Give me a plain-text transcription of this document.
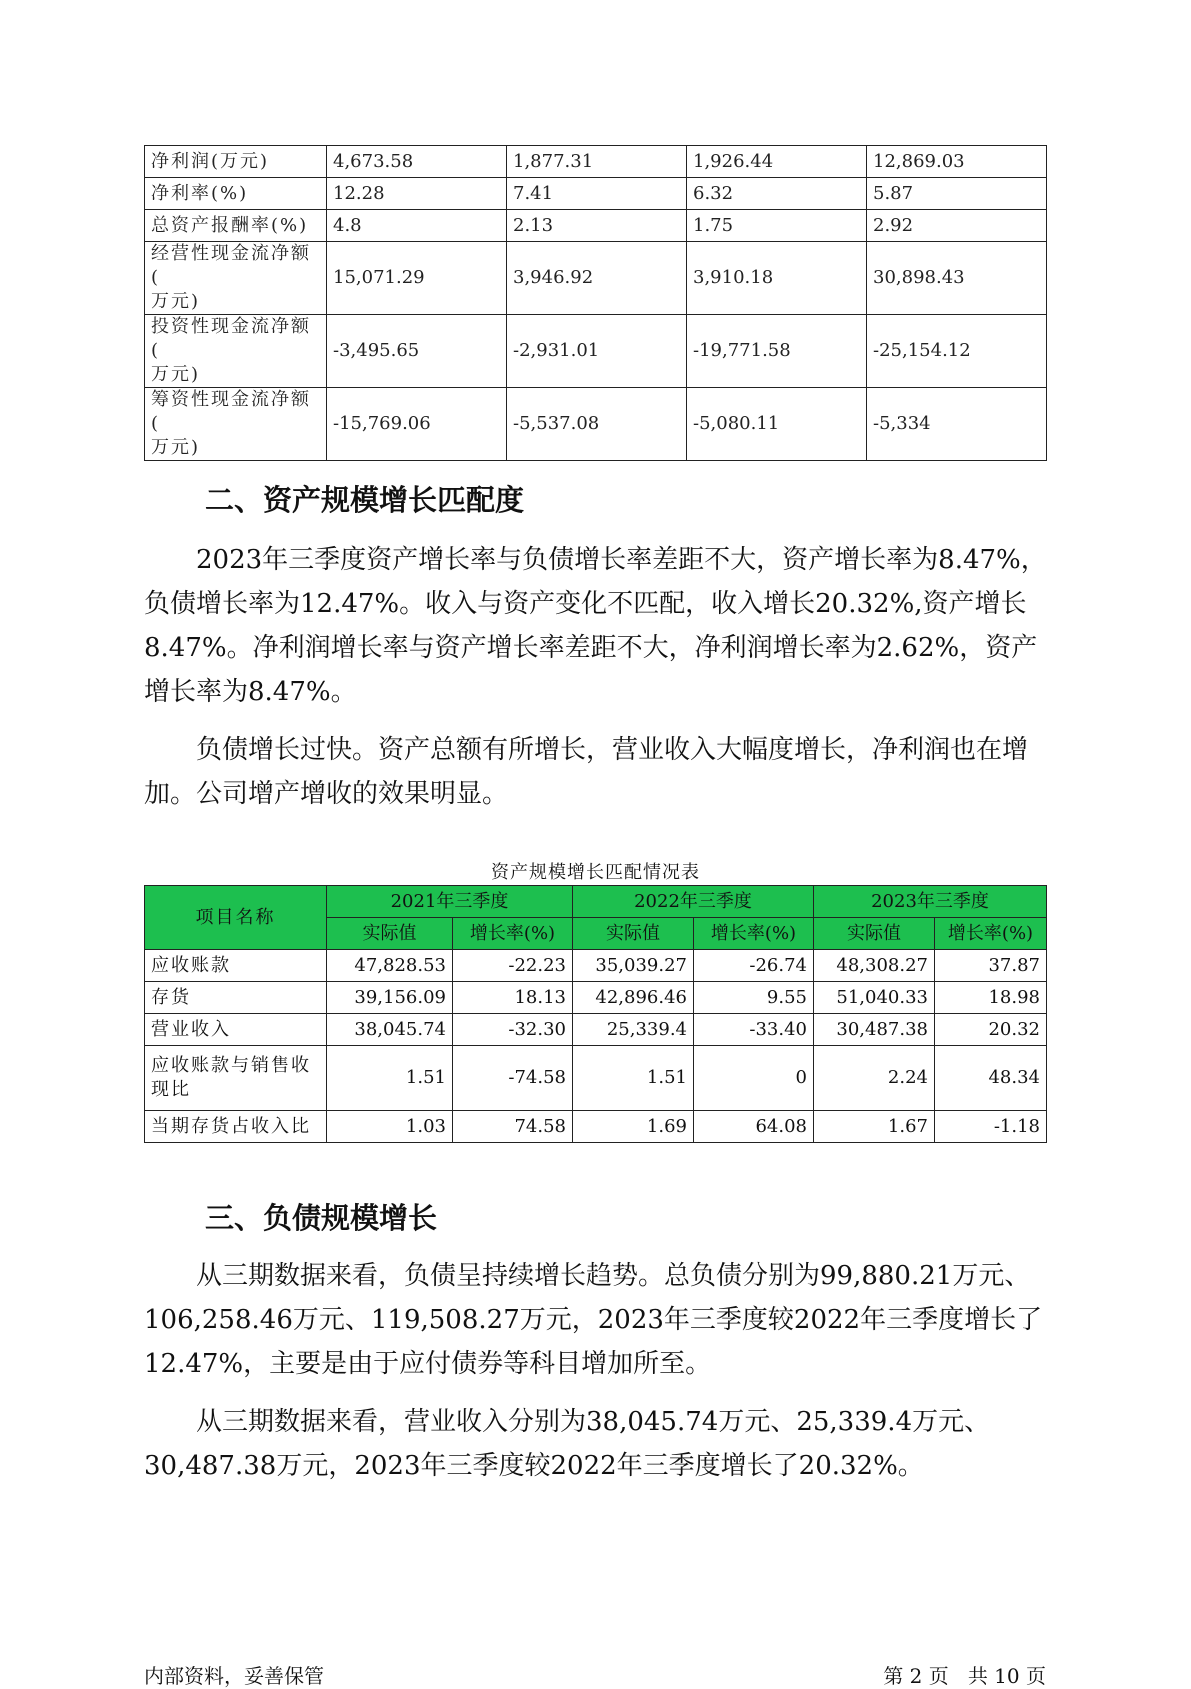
净利润(万元)	4,673.58	1,877.31	1,926.44	12,869.03
净利率(%)	12.28	7.41	6.32	5.87
总资产报酬率(%)	4.8	2.13	1.75	2.92
经营性现金流净额(
万元)	15,071.29	3,946.92	3,910.18	30,898.43
投资性现金流净额(
万元)	-3,495.65	-2,931.01	-19,771.58	-25,154.12
筹资性现金流净额(
万元)	-15,769.06	-5,537.08	-5,080.11	-5,334
二、资产规模增长匹配度

2023年三季度资产增长率与负债增长率差距不大，资产增长率为8.47%，负债增长率为12.47%。收入与资产变化不匹配，收入增长20.32%,资产增长8.47%。净利润增长率与资产增长率差距不大，净利润增长率为2.62%，资产增长率为8.47%。

负债增长过快。资产总额有所增长，营业收入大幅度增长，净利润也在增加。公司增产增收的效果明显。

资产规模增长匹配情况表
项目名称	2021年三季度		2022年三季度		2023年三季度	
	实际值	增长率(%)	实际值	增长率(%)	实际值	增长率(%)
应收账款	47,828.53	-22.23	35,039.27	-26.74	48,308.27	37.87
存货	39,156.09	18.13	42,896.46	9.55	51,040.33	18.98
营业收入	38,045.74	-32.30	25,339.4	-33.40	30,487.38	20.32
应收账款与销售收
现比	1.51	-74.58	1.51	0	2.24	48.34
当期存货占收入比	1.03	74.58	1.69	64.08	1.67	-1.18
三、负债规模增长

从三期数据来看，负债呈持续增长趋势。总负债分别为99,880.21万元、106,258.46万元、119,508.27万元，2023年三季度较2022年三季度增长了12.47%，主要是由于应付债券等科目增加所至。

从三期数据来看，营业收入分别为38,045.74万元、25,339.4万元、30,487.38万元，2023年三季度较2022年三季度增长了20.32%。

内部资料，妥善保管	第 2 页   共 10 页
